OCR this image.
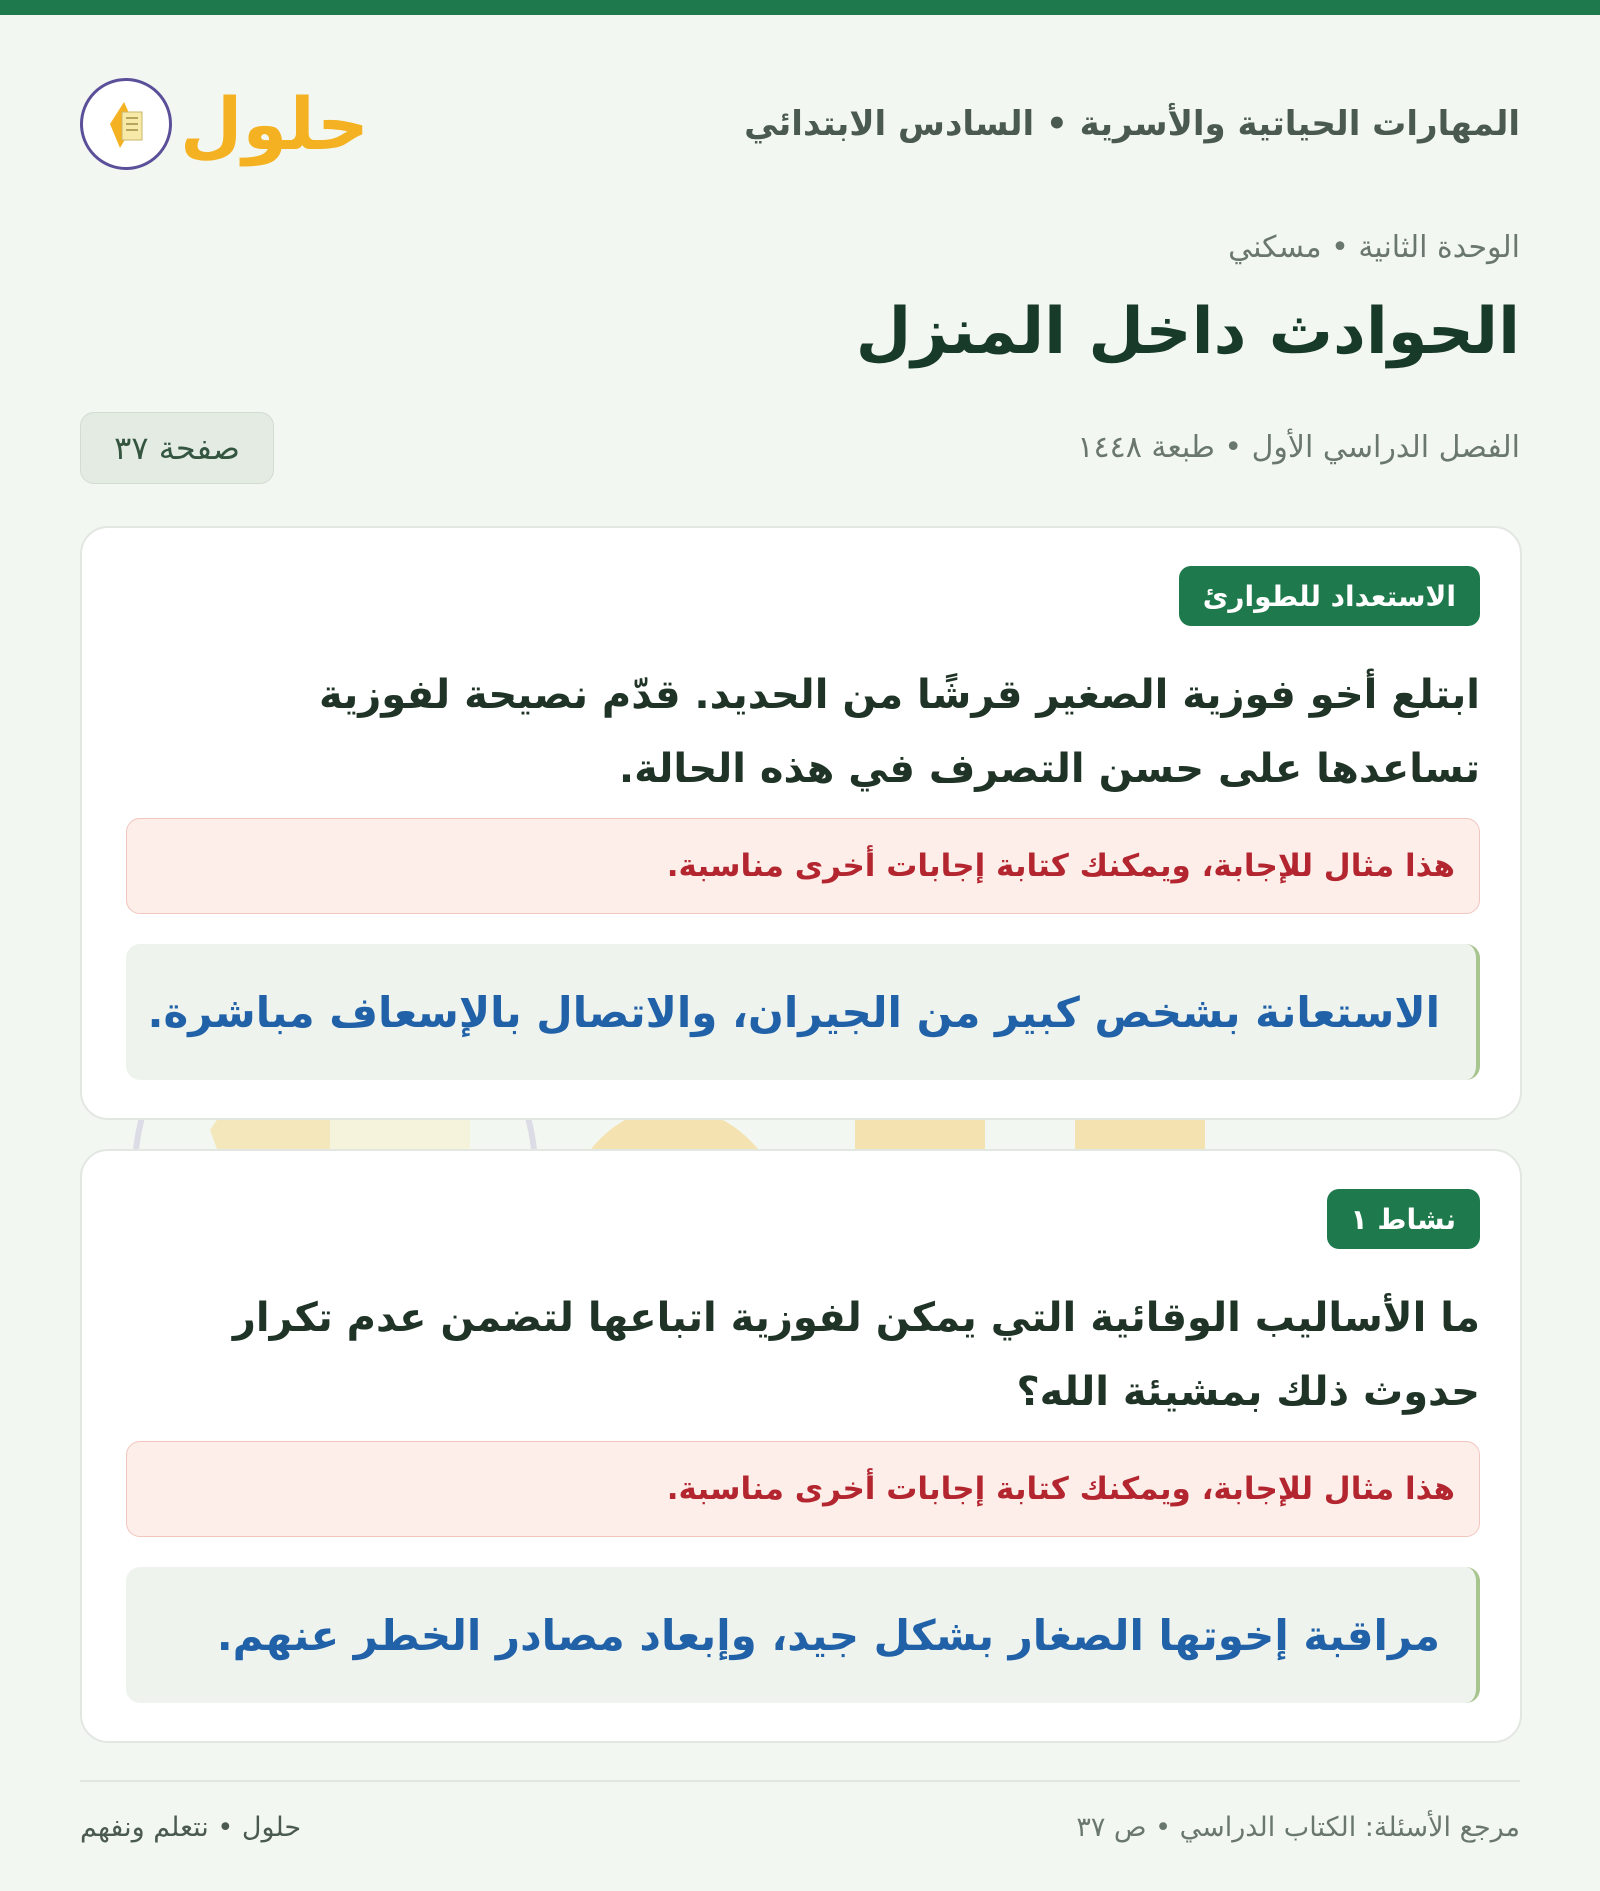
المهارات الحياتية والأسرية • السادس الابتدائي
حلول
الوحدة الثانية • مسكني
الحوادث داخل المنزل
الفصل الدراسي الأول • طبعة ١٤٤٨
صفحة ٣٧
الاستعداد للطوارئ
ابتلع أخو فوزية الصغير قرشًا من الحديد. قدّم نصيحة لفوزية تساعدها على حسن التصرف في هذه الحالة.
هذا مثال للإجابة، ويمكنك كتابة إجابات أخرى مناسبة.
الاستعانة بشخص كبير من الجيران، والاتصال بالإسعاف مباشرة.
نشاط ١
ما الأساليب الوقائية التي يمكن لفوزية اتباعها لتضمن عدم تكرار حدوث ذلك بمشيئة الله؟
هذا مثال للإجابة، ويمكنك كتابة إجابات أخرى مناسبة.
مراقبة إخوتها الصغار بشكل جيد، وإبعاد مصادر الخطر عنهم.
مرجع الأسئلة: الكتاب الدراسي • ص ٣٧
حلول • نتعلم ونفهم
